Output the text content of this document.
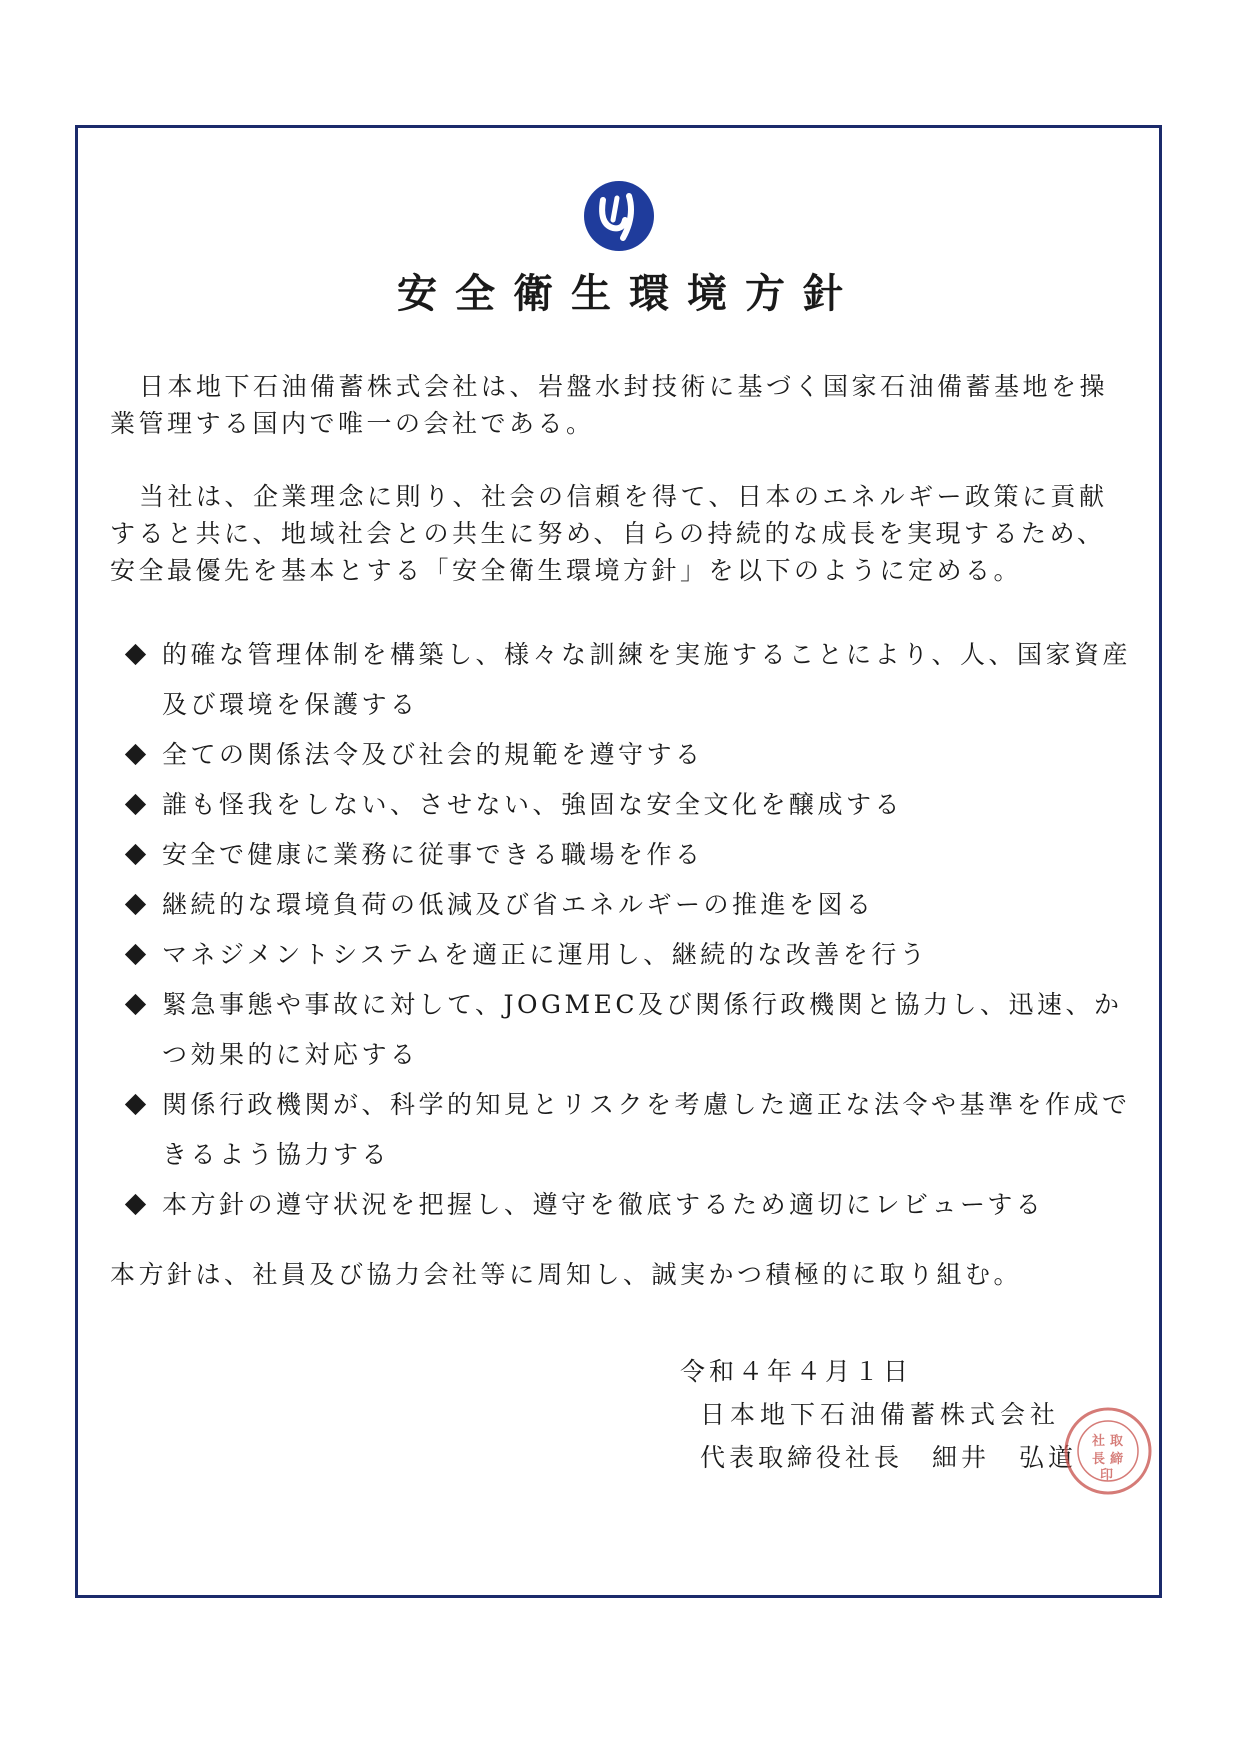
安全衛生環境方針

日本地下石油備蓄株式会社は、岩盤水封技術に基づく国家石油備蓄基地を操業管理する国内で唯一の会社である。

当社は、企業理念に則り、社会の信頼を得て、日本のエネルギー政策に貢献すると共に、地域社会との共生に努め、自らの持続的な成長を実現するため、安全最優先を基本とする「安全衛生環境方針」を以下のように定める。

的確な管理体制を構築し、様々な訓練を実施することにより、人、国家資産及び環境を保護する
全ての関係法令及び社会的規範を遵守する
誰も怪我をしない、させない、強固な安全文化を醸成する
安全で健康に業務に従事できる職場を作る
継続的な環境負荷の低減及び省エネルギーの推進を図る
マネジメントシステムを適正に運用し、継続的な改善を行う
緊急事態や事故に対して、JOGMEC及び関係行政機関と協力し、迅速、かつ効果的に対応する
関係行政機関が、科学的知見とリスクを考慮した適正な法令や基準を作成できるよう協力する
本方針の遵守状況を把握し、遵守を徹底するため適切にレビューする

本方針は、社員及び協力会社等に周知し、誠実かつ積極的に取り組む。

令和４年４月１日
日本地下石油備蓄株式会社
代表取締役社長　細井　弘道
社 取
長 締
印
